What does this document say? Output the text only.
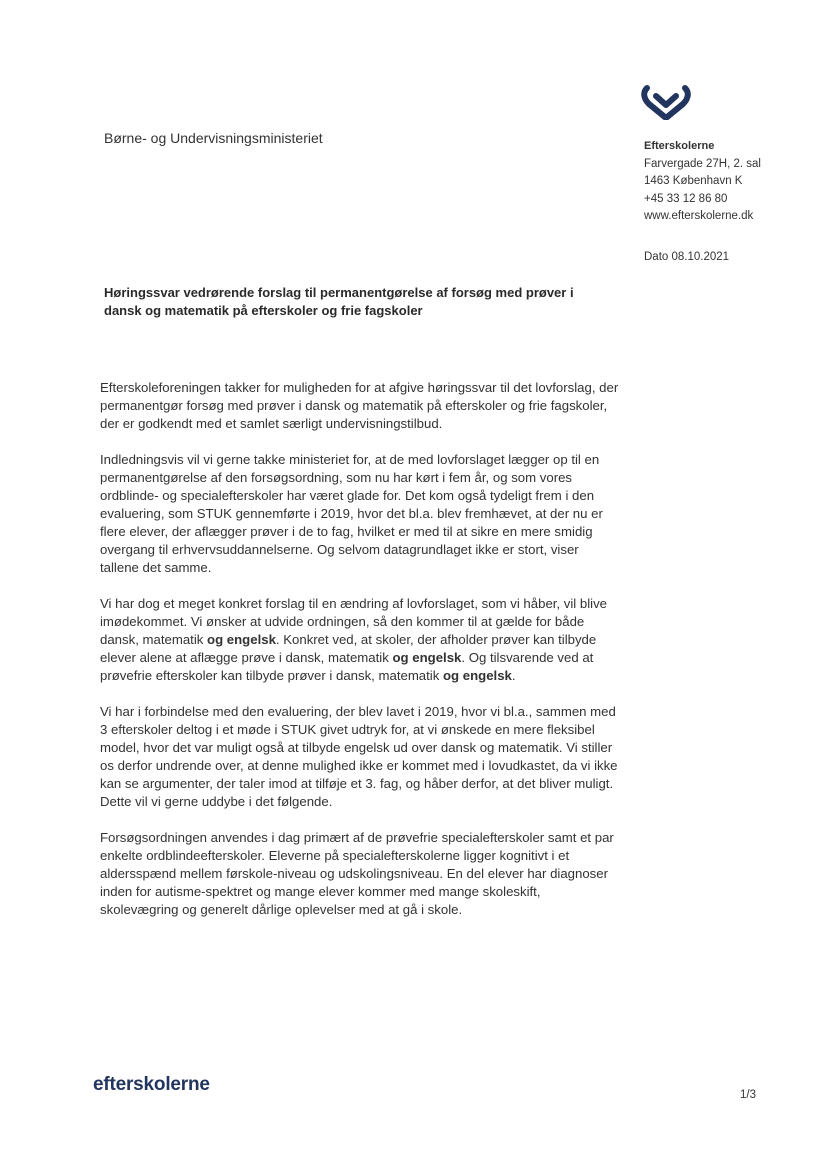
Børne- og Undervisningsministeriet	Efterskolerne
Farvergade 27H, 2. sal
1463 København K
+45 33 12 86 80
www.efterskolerne.dk
Dato 08.10.2021
Høringssvar vedrørende forslag til permanentgørelse af forsøg med prøver i dansk og matematik på efterskoler og frie fagskoler

Efterskoleforeningen takker for muligheden for at afgive høringssvar til det lovforslag, der permanentgør forsøg med prøver i dansk og matematik på efterskoler og frie fagskoler, der er godkendt med et samlet særligt undervisningstilbud.

Indledningsvis vil vi gerne takke ministeriet for, at de med lovforslaget lægger op til en permanentgørelse af den forsøgsordning, som nu har kørt i fem år, og som vores ordblinde- og specialefterskoler har været glade for. Det kom også tydeligt frem i den evaluering, som STUK gennemførte i 2019, hvor det bl.a. blev fremhævet, at der nu er flere elever, der aflægger prøver i de to fag, hvilket er med til at sikre en mere smidig overgang til erhvervsuddannelserne. Og selvom datagrundlaget ikke er stort, viser tallene det samme.

Vi har dog et meget konkret forslag til en ændring af lovforslaget, som vi håber, vil blive imødekommet. Vi ønsker at udvide ordningen, så den kommer til at gælde for både dansk, matematik og engelsk. Konkret ved, at skoler, der afholder prøver kan tilbyde elever alene at aflægge prøve i dansk, matematik og engelsk. Og tilsvarende ved at prøvefrie efterskoler kan tilbyde prøver i dansk, matematik og engelsk.

Vi har i forbindelse med den evaluering, der blev lavet i 2019, hvor vi bl.a., sammen med 3 efterskoler deltog i et møde i STUK givet udtryk for, at vi ønskede en mere fleksibel model, hvor det var muligt også at tilbyde engelsk ud over dansk og matematik. Vi stiller os derfor undrende over, at denne mulighed ikke er kommet med i lovudkastet, da vi ikke kan se argumenter, der taler imod at tilføje et 3. fag, og håber derfor, at det bliver muligt. Dette vil vi gerne uddybe i det følgende.

Forsøgsordningen anvendes i dag primært af de prøvefrie specialefterskoler samt et par enkelte ordblindeefterskoler. Eleverne på specialefterskolerne ligger kognitivt i et aldersspænd mellem førskole-niveau og udskolingsniveau. En del elever har diagnoser inden for autisme-spektret og mange elever kommer med mange skoleskift, skolevægring og generelt dårlige oplevelser med at gå i skole.

efterskolerne	1/3
